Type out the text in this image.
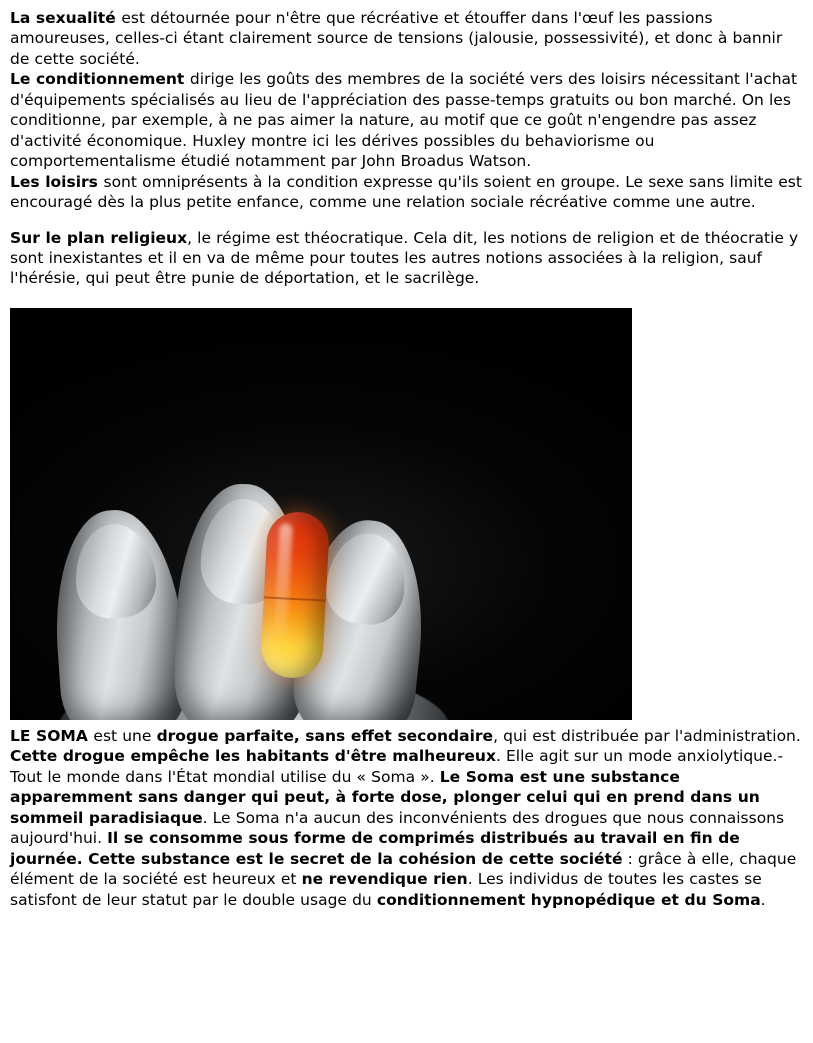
La sexualité est détournée pour n'être que récréative et étouffer dans l'œuf les passions amoureuses, celles-ci étant clairement source de tensions (jalousie, possessivité), et donc à bannir de cette société.

Le conditionnement dirige les goûts des membres de la société vers des loisirs nécessitant l'achat d'équipements spécialisés au lieu de l'appréciation des passe-temps gratuits ou bon marché. On les conditionne, par exemple, à ne pas aimer la nature, au motif que ce goût n'engendre pas assez d'activité économique. Huxley montre ici les dérives possibles du behaviorisme ou comportementalisme étudié notamment par John Broadus Watson.

Les loisirs sont omniprésents à la condition expresse qu'ils soient en groupe. Le sexe sans limite est encouragé dès la plus petite enfance, comme une relation sociale récréative comme une autre.

Sur le plan religieux, le régime est théocratique. Cela dit, les notions de religion et de théocratie y sont inexistantes et il en va de même pour toutes les autres notions associées à la religion, sauf l'hérésie, qui peut être punie de déportation, et le sacrilège.

LE SOMA est une drogue parfaite, sans effet secondaire, qui est distribuée par l'administration. Cette drogue empêche les habitants d'être malheureux. Elle agit sur un mode anxiolytique.-Tout le monde dans l'État mondial utilise du « Soma ». Le Soma est une substance apparemment sans danger qui peut, à forte dose, plonger celui qui en prend dans un sommeil paradisiaque. Le Soma n'a aucun des inconvénients des drogues que nous connaissons aujourd'hui. Il se consomme sous forme de comprimés distribués au travail en fin de journée. Cette substance est le secret de la cohésion de cette société : grâce à elle, chaque élément de la société est heureux et ne revendique rien. Les individus de toutes les castes se satisfont de leur statut par le double usage du conditionnement hypnopédique et du Soma.
